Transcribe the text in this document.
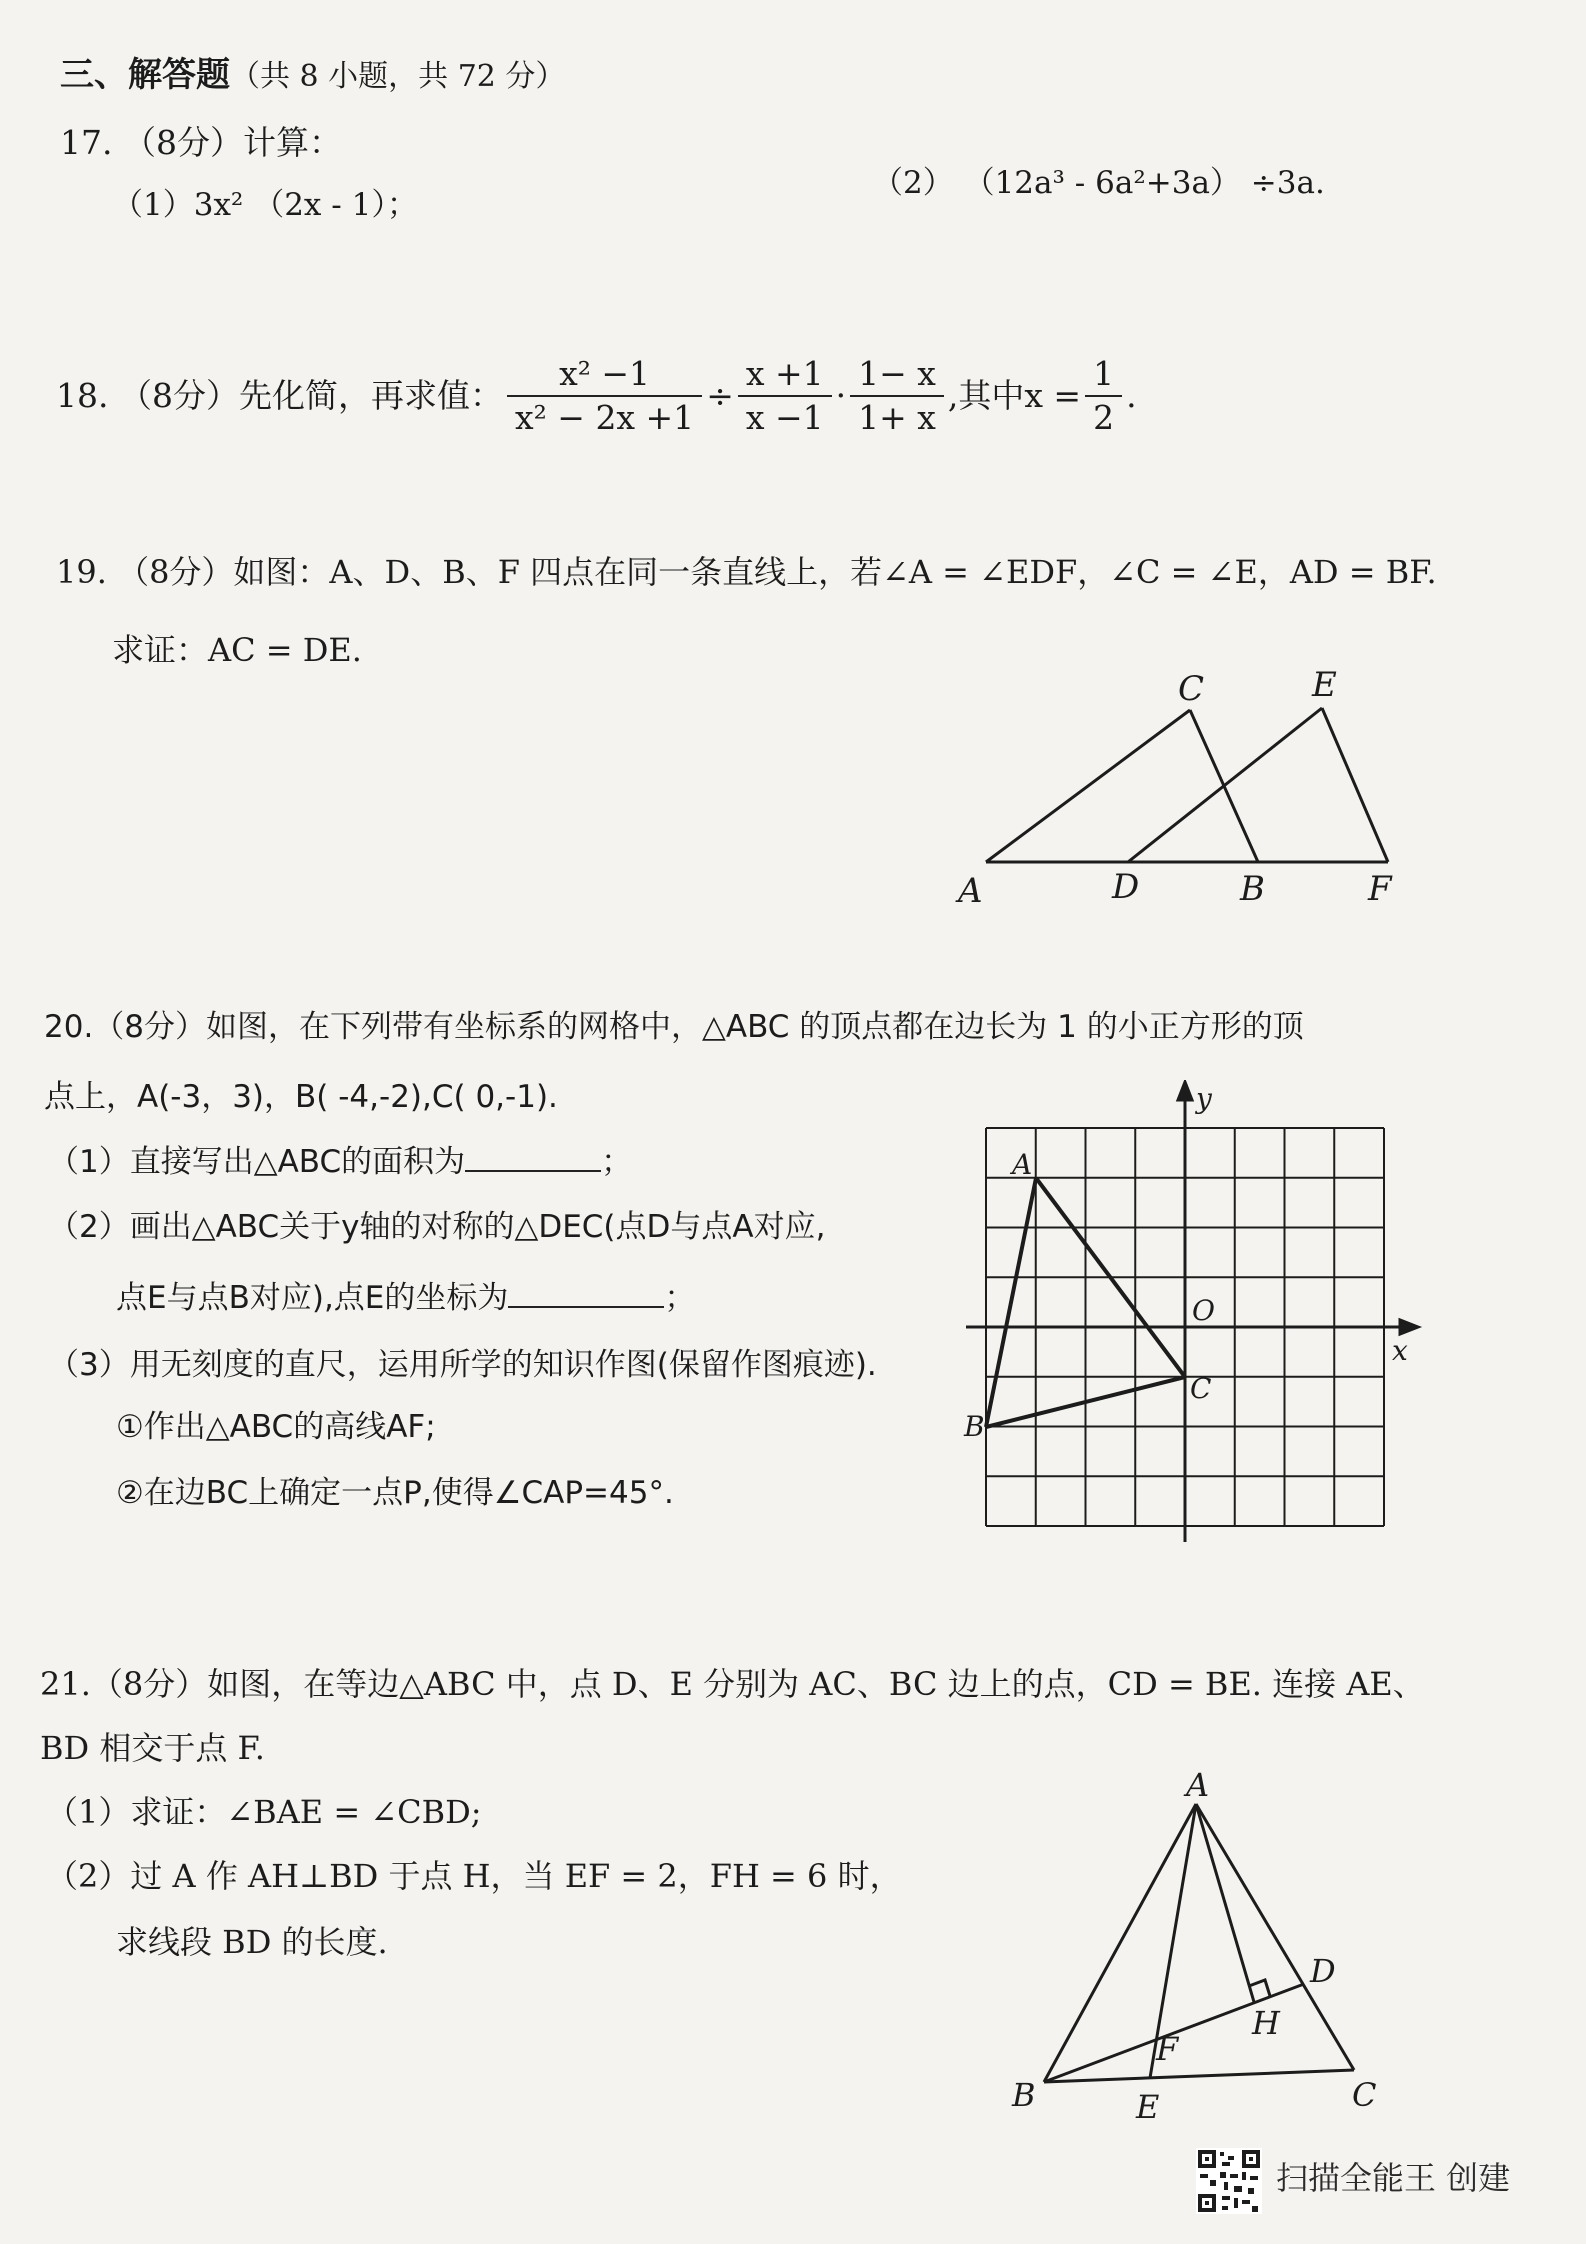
三、解答题（共 8 小题，共 72 分）
17. （8分）计算：
（1）3x² （2x - 1）；
（2） （12a³ - 6a²+3a） ÷3a.
18. （8分）先化简，再求值： $\frac{\text{x² −1}}{\text{x² − 2x +1}} \div \frac{x +1}{x -1} \cdot \frac{1- x}{1+ x}$ ,其中$x = \frac{1}{2}$ .
19. （8分）如图：A、D、B、F 四点在同一条直线上，若∠A = ∠EDF，∠C = ∠E，AD = BF.
求证：AC = DE.
A	D	B	F
C	E
20.（8分）如图，在下列带有坐标系的网格中，△ABC 的顶点都在边长为 1 的小正方形的顶
点上，A(-3，3)，B( -4,-2),C( 0,-1).
（1）直接写出△ABC的面积为	；
（2）画出△ABC关于y轴的对称的△DEC(点D与点A对应,
点E与点B对应),点E的坐标为	；
（3）用无刻度的直尺，运用所学的知识作图(保留作图痕迹).
①作出△ABC的高线AF;
②在边BC上确定一点P,使得∠CAP=45°.
y
x
O
A
B
C
21.（8分）如图，在等边△ABC 中，点 D、E 分别为 AC、BC 边上的点，CD = BE. 连接 AE、
BD 相交于点 F.
（1）求证：∠BAE = ∠CBD;
（2）过 A 作 AH⊥BD 于点 H，当 EF = 2，FH = 6 时，
求线段 BD 的长度.
A
B	C
D
E
F
H
扫描全能王 创建
